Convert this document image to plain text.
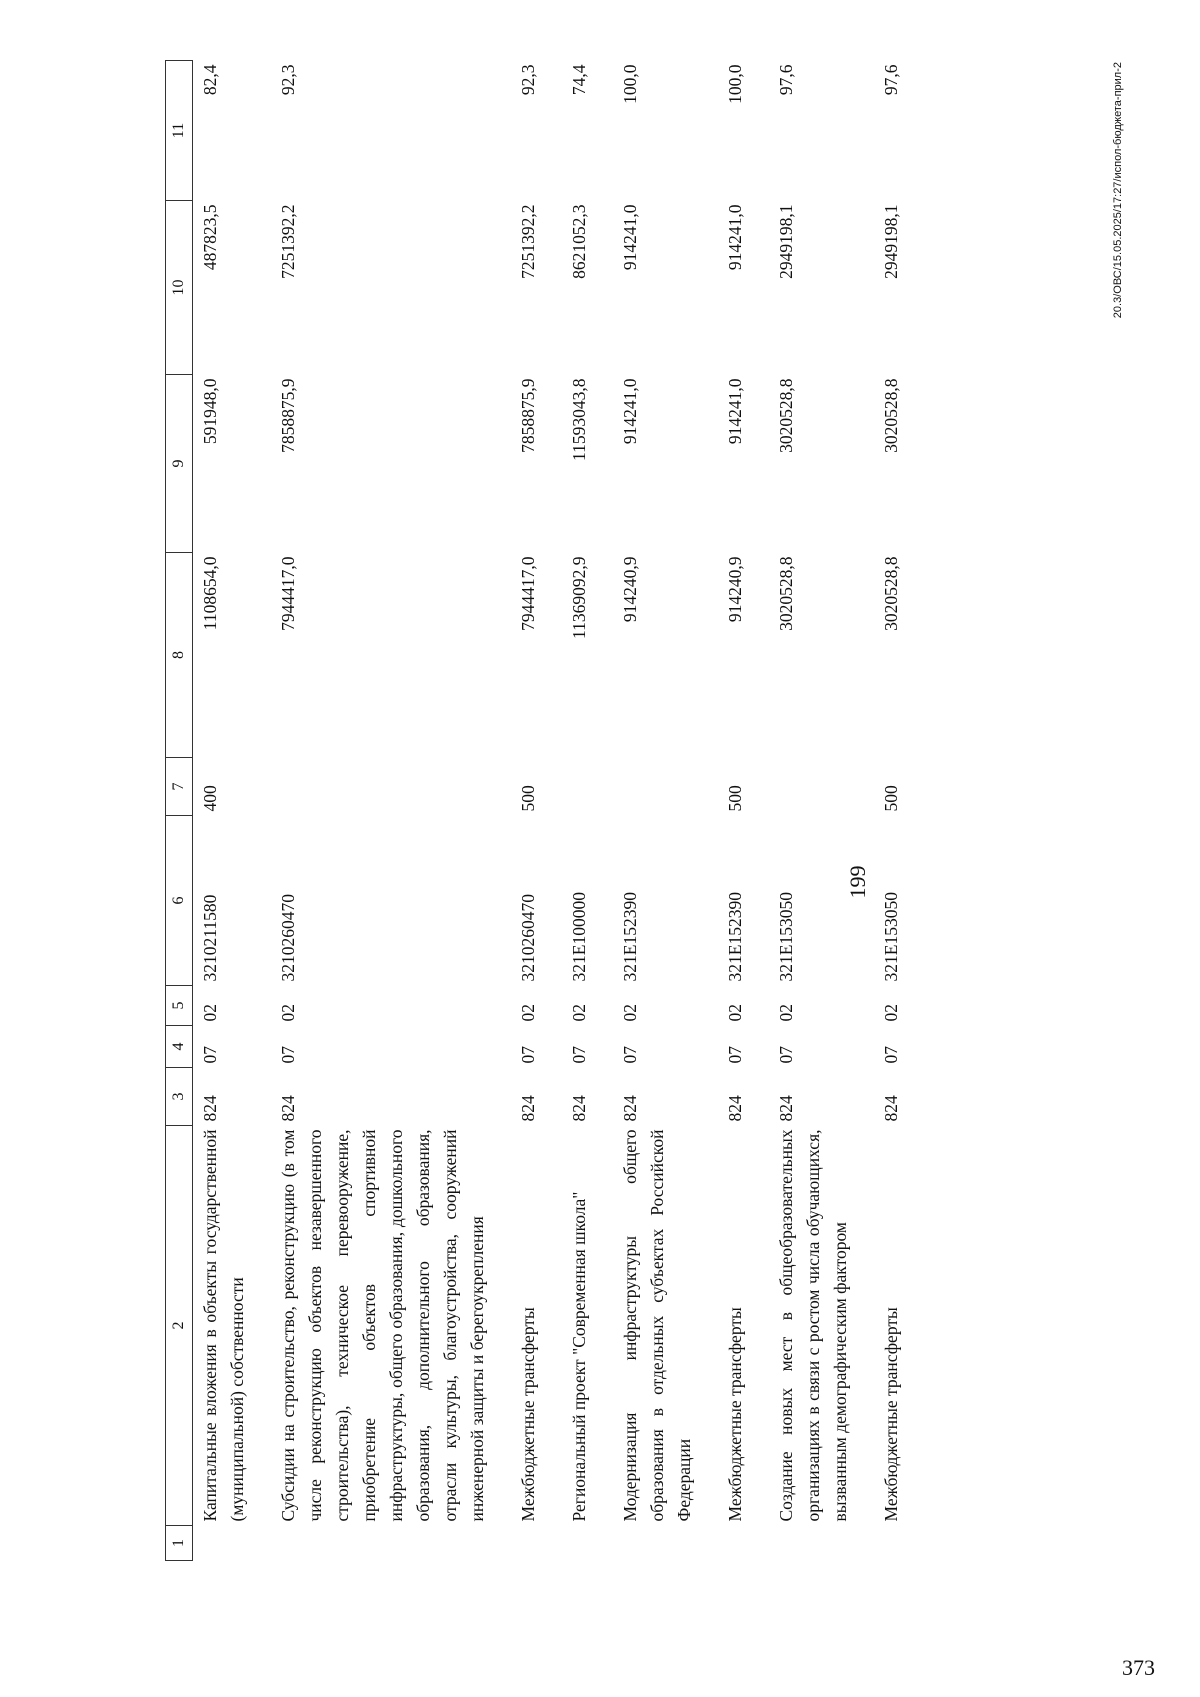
199
1	2	3	4	5	6	7	8	9	10	11
	Капитальные вложения в объекты государственной (муниципальной) собственности	824	07	02	3210211580	400	1108654,0	591948,0	487823,5	82,4
	Субсидии на строительство, реконструкцию (в том числе реконструкцию объектов незавершенного строительства), техническое перевооружение, приобретение объектов спортивной инфраструктуры, общего образования, дошкольного образования, дополнительного образования, отрасли культуры, благоустройства, сооружений инженерной защиты и берегоукрепления	824	07	02	3210260470		7944417,0	7858875,9	7251392,2	92,3
	Межбюджетные трансферты	824	07	02	3210260470	500	7944417,0	7858875,9	7251392,2	92,3
	Региональный проект "Современная школа"	824	07	02	321Е100000		11369092,9	11593043,8	8621052,3	74,4
	Модернизация инфраструктуры общего образования в отдельных субъектах Российской Федерации	824	07	02	321Е152390		914240,9	914241,0	914241,0	100,0
	Межбюджетные трансферты	824	07	02	321Е152390	500	914240,9	914241,0	914241,0	100,0
	Создание новых мест в общеобразовательных организациях в связи с ростом числа обучающихся, вызванным демографическим фактором	824	07	02	321Е153050		3020528,8	3020528,8	2949198,1	97,6
	Межбюджетные трансферты	824	07	02	321Е153050	500	3020528,8	3020528,8	2949198,1	97,6	20.3/ОВС/15.05.2025/17:27/испол-бюджета-прил-2
373
